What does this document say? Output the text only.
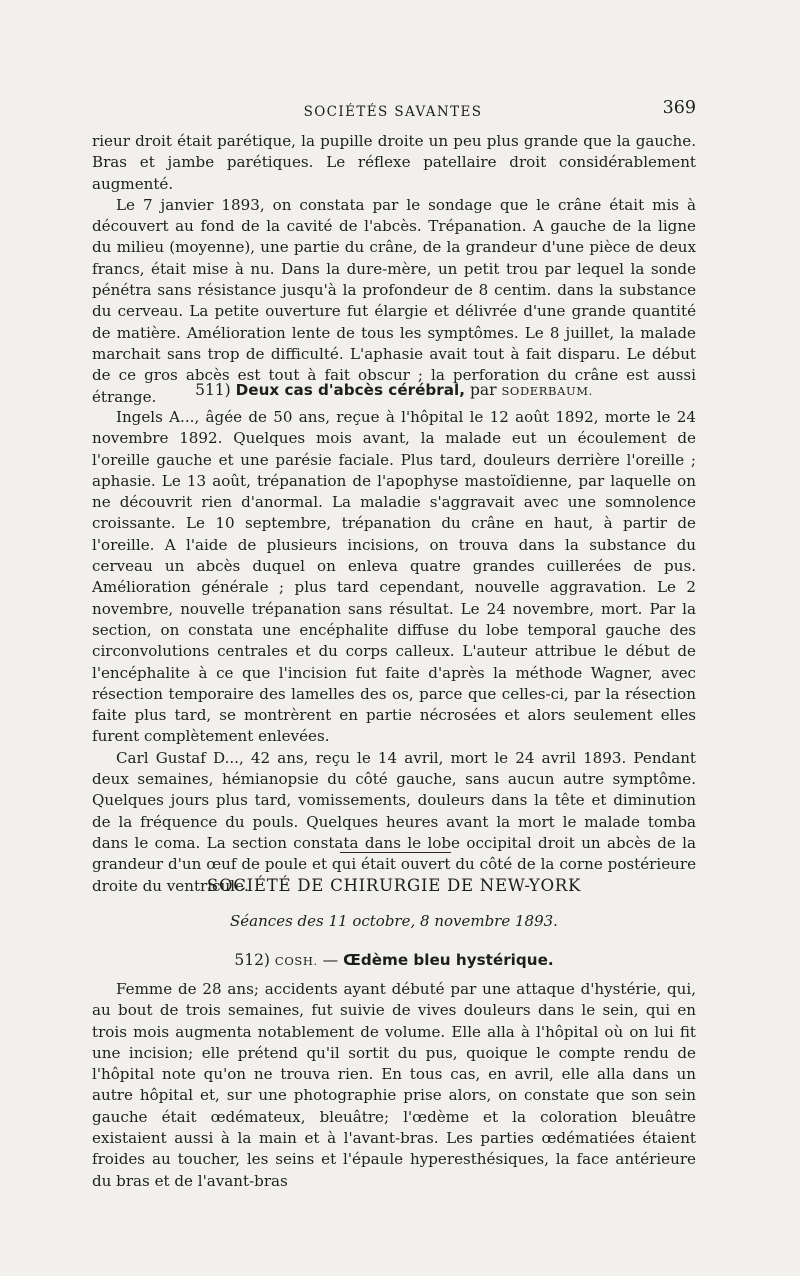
SOCIÉTÉS SAVANTES	369

rieur droit était parétique, la pupille droite un peu plus grande que la gauche. Bras et jambe parétiques. Le réflexe patellaire droit considérablement augmenté.

Le 7 janvier 1893, on constata par le sondage que le crâne était mis à découvert au fond de la cavité de l'abcès. Trépanation. A gauche de la ligne du milieu (moyenne), une partie du crâne, de la grandeur d'une pièce de deux francs, était mise à nu. Dans la dure-mère, un petit trou par lequel la sonde pénétra sans résistance jusqu'à la profondeur de 8 centim. dans la substance du cerveau. La petite ouverture fut élargie et délivrée d'une grande quantité de matière. Amélioration lente de tous les symptômes. Le 8 juillet, la malade marchait sans trop de difficulté. L'aphasie avait tout à fait disparu. Le début de ce gros abcès est tout à fait obscur ; la perforation du crâne est aussi étrange.	511) Deux cas d'abcès cérébral, par SODERBAUM.

Ingels A..., âgée de 50 ans, reçue à l'hôpital le 12 août 1892, morte le 24 novembre 1892. Quelques mois avant, la malade eut un écoulement de l'oreille gauche et une parésie faciale. Plus tard, douleurs derrière l'oreille ; aphasie. Le 13 août, trépanation de l'apophyse mastoïdienne, par laquelle on ne découvrit rien d'anormal. La maladie s'aggravait avec une somnolence croissante. Le 10 septembre, trépanation du crâne en haut, à partir de l'oreille. A l'aide de plusieurs incisions, on trouva dans la substance du cerveau un abcès duquel on enleva quatre grandes cuillerées de pus. Amélioration générale ; plus tard cependant, nouvelle aggravation. Le 2 novembre, nouvelle trépanation sans résultat. Le 24 novembre, mort. Par la section, on constata une encéphalite diffuse du lobe temporal gauche des circonvolutions centrales et du corps calleux. L'auteur attribue le début de l'encéphalite à ce que l'incision fut faite d'après la méthode Wagner, avec résection temporaire des lamelles des os, parce que celles-ci, par la résection faite plus tard, se montrèrent en partie nécrosées et alors seulement elles furent complètement enlevées.

Carl Gustaf D..., 42 ans, reçu le 14 avril, mort le 24 avril 1893. Pendant deux semaines, hémianopsie du côté gauche, sans aucun autre symptôme. Quelques jours plus tard, vomissements, douleurs dans la tête et diminution de la fréquence du pouls. Quelques heures avant la mort le malade tomba dans le coma. La section constata dans le lobe occipital droit un abcès de la grandeur d'un œuf de poule et qui était ouvert du côté de la corne postérieure droite du ventricule.

SOCIÉTÉ DE CHIRURGIE DE NEW-YORK
Séances des 11 octobre, 8 novembre 1893.
512) COSH. — Œdème bleu hystérique.

Femme de 28 ans; accidents ayant débuté par une attaque d'hystérie, qui, au bout de trois semaines, fut suivie de vives douleurs dans le sein, qui en trois mois augmenta notablement de volume. Elle alla à l'hôpital où on lui fit une incision; elle prétend qu'il sortit du pus, quoique le compte rendu de l'hôpital note qu'on ne trouva rien. En tous cas, en avril, elle alla dans un autre hôpital et, sur une photographie prise alors, on constate que son sein gauche était œdémateux, bleuâtre; l'œdème et la coloration bleuâtre existaient aussi à la main et à l'avant-bras. Les parties œdématiées étaient froides au toucher, les seins et l'épaule hyperesthésiques, la face antérieure du bras et de l'avant-bras
